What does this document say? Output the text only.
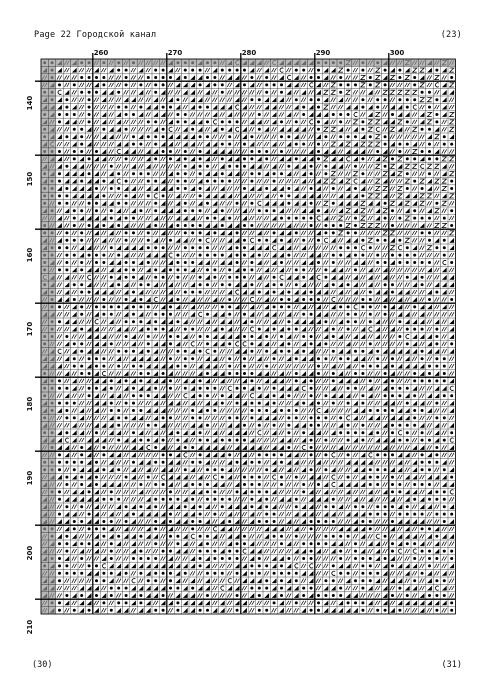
Page 22 Городской канал	(23)
260	270	280	290	300
140
150
160
170
180
190
200
210
(30)	(31)
